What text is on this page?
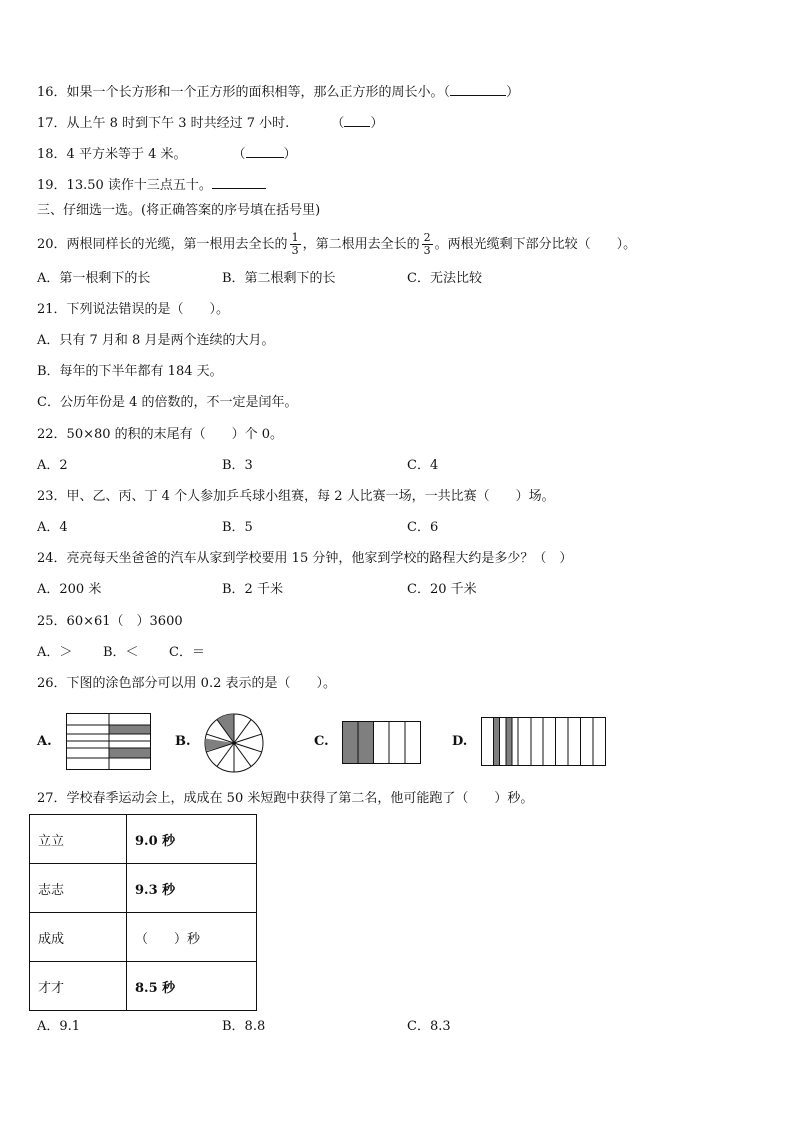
16．如果一个长方形和一个正方形的面积相等，那么正方形的周长小。（	）
17．从上午 8 时到下午 3 时共经过 7 小时.	（ ）
18．4 平方米等于 4 米。	（	）
19．13.50 读作十三点五十。
三、仔细选一选。(将正确答案的序号填在括号里)
20．两根同样长的光缆，第一根用去全长的 $\frac{1}{3}$ ，第二根用去全长的 $\frac{2}{3}$ 。两根光缆剩下部分比较（　　）。
A．第一根剩下的长	B．第二根剩下的长	C．无法比较
21．下列说法错误的是（　　）。
A．只有 7 月和 8 月是两个连续的大月。
B．每年的下半年都有 184 天。
C．公历年份是 4 的倍数的，不一定是闰年。
22．50×80 的积的末尾有（　　）个 0。
A．2	B．3	C．4
23．甲、乙、丙、丁 4 个人参加乒乓球小组赛，每 2 人比赛一场，一共比赛（　　）场。
A．4	B．5	C．6
24．亮亮每天坐爸爸的汽车从家到学校要用 15 分钟，他家到学校的路程大约是多少？（　）
A．200 米	B．2 千米	C．20 千米
25．60×61（　）3600
A．＞ B．＜ C．＝
26．下图的涂色部分可以用 0.2 表示的是（　　）。
A.	B.	C.	D.
27．学校春季运动会上，成成在 50 米短跑中获得了第二名，他可能跑了（　　）秒。
立立	9.0 秒
志志	9.3 秒
成成	（　　）秒
才才	8.5 秒
A．9.1	B．8.8	C．8.3
